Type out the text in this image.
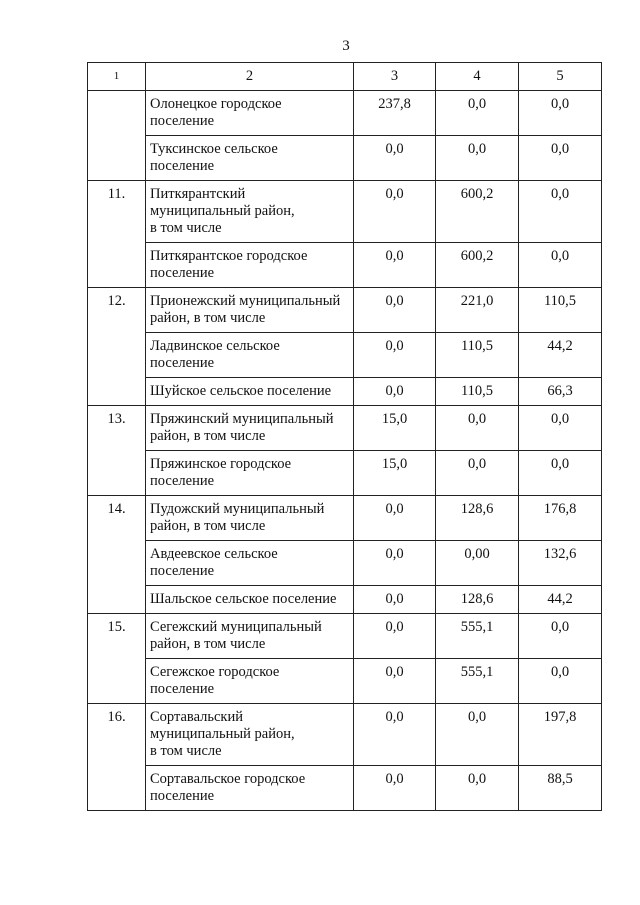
3
1	2	3	4	5
	Олонецкое городское
поселение	237,8	0,0	0,0
	Туксинское сельское
поселение	0,0	0,0	0,0
11.	Питкярантский
муниципальный район,
в том числе	0,0	600,2	0,0
	Питкярантское городское
поселение	0,0	600,2	0,0
12.	Прионежский муниципальный
район, в том числе	0,0	221,0	110,5
	Ладвинское сельское
поселение	0,0	110,5	44,2
	Шуйское сельское поселение	0,0	110,5	66,3
13.	Пряжинский муниципальный
район, в том числе	15,0	0,0	0,0
	Пряжинское городское
поселение	15,0	0,0	0,0
14.	Пудожский муниципальный
район, в том числе	0,0	128,6	176,8
	Авдеевское сельское
поселение	0,0	0,00	132,6
	Шальское сельское поселение	0,0	128,6	44,2
15.	Сегежский муниципальный
район, в том числе	0,0	555,1	0,0
	Сегежское городское
поселение	0,0	555,1	0,0
16.	Сортавальский
муниципальный район,
в том числе	0,0	0,0	197,8
	Сортавальское городское
поселение	0,0	0,0	88,5
